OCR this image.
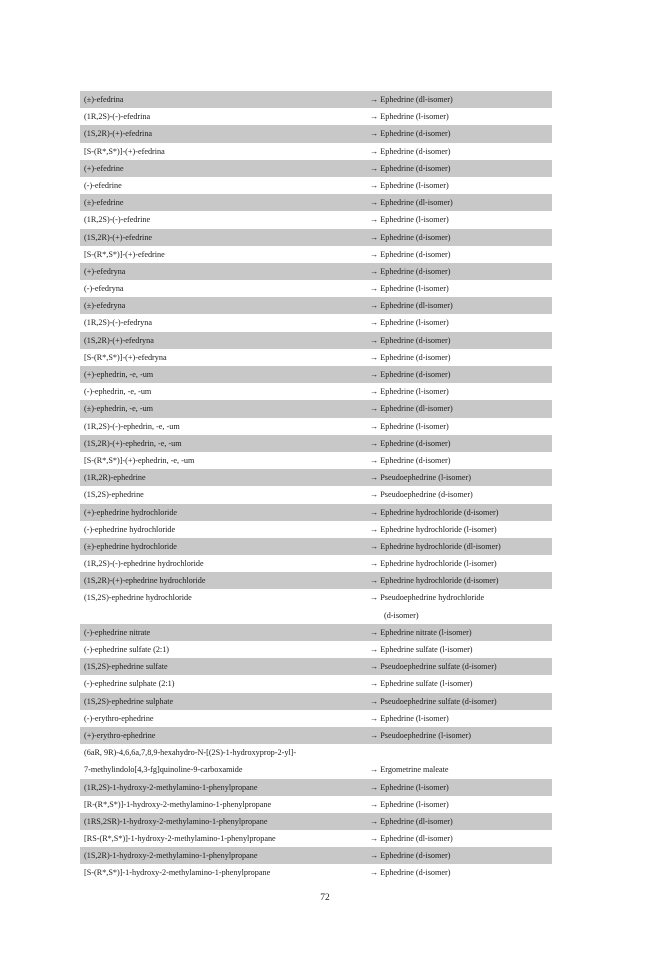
(±)-efedrina	→ Ephedrine (dl-isomer)
(1R,2S)-(-)-efedrina	→ Ephedrine (l-isomer)
(1S,2R)-(+)-efedrina	→ Ephedrine (d-isomer)
[S-(R*,S*)]-(+)-efedrina	→ Ephedrine (d-isomer)
(+)-efedrine	→ Ephedrine (d-isomer)
(-)-efedrine	→ Ephedrine (l-isomer)
(±)-efedrine	→ Ephedrine (dl-isomer)
(1R,2S)-(-)-efedrine	→ Ephedrine (l-isomer)
(1S,2R)-(+)-efedrine	→ Ephedrine (d-isomer)
[S-(R*,S*)]-(+)-efedrine	→ Ephedrine (d-isomer)
(+)-efedryna	→ Ephedrine (d-isomer)
(-)-efedryna	→ Ephedrine (l-isomer)
(±)-efedryna	→ Ephedrine (dl-isomer)
(1R,2S)-(-)-efedryna	→ Ephedrine (l-isomer)
(1S,2R)-(+)-efedryna	→ Ephedrine (d-isomer)
[S-(R*,S*)]-(+)-efedryna	→ Ephedrine (d-isomer)
(+)-ephedrin, -e, -um	→ Ephedrine (d-isomer)
(-)-ephedrin, -e, -um	→ Ephedrine (l-isomer)
(±)-ephedrin, -e, -um	→ Ephedrine (dl-isomer)
(1R,2S)-(-)-ephedrin, -e, -um	→ Ephedrine (l-isomer)
(1S,2R)-(+)-ephedrin, -e, -um	→ Ephedrine (d-isomer)
[S-(R*,S*)]-(+)-ephedrin, -e, -um	→ Ephedrine (d-isomer)
(1R,2R)-ephedrine	→ Pseudoephedrine (l-isomer)
(1S,2S)-ephedrine	→ Pseudoephedrine (d-isomer)
(+)-ephedrine hydrochloride	→ Ephedrine hydrochloride (d-isomer)
(-)-ephedrine hydrochloride	→ Ephedrine hydrochloride (l-isomer)
(±)-ephedrine hydrochloride	→ Ephedrine hydrochloride (dl-isomer)
(1R,2S)-(-)-ephedrine hydrochloride	→ Ephedrine hydrochloride (l-isomer)
(1S,2R)-(+)-ephedrine hydrochloride	→ Ephedrine hydrochloride (d-isomer)
(1S,2S)-ephedrine hydrochloride	→ Pseudoephedrine hydrochloride
(d-isomer)
(-)-ephedrine nitrate	→ Ephedrine nitrate (l-isomer)
(-)-ephedrine sulfate (2:1)	→ Ephedrine sulfate (l-isomer)
(1S,2S)-ephedrine sulfate	→ Pseudoephedrine sulfate (d-isomer)
(-)-ephedrine sulphate (2:1)	→ Ephedrine sulfate (l-isomer)
(1S,2S)-ephedrine sulphate	→ Pseudoephedrine sulfate (d-isomer)
(-)-erythro-ephedrine	→ Ephedrine (l-isomer)
(+)-erythro-ephedrine	→ Pseudoephedrine (l-isomer)
(6aR, 9R)-4,6,6a,7,8,9-hexahydro-N-[(2S)-1-hydroxyprop-2-yl]-
7-methylindolo[4,3-fg]quinoline-9-carboxamide	→ Ergometrine maleate
(1R,2S)-1-hydroxy-2-methylamino-1-phenylpropane	→ Ephedrine (l-isomer)
[R-(R*,S*)]-1-hydroxy-2-methylamino-1-phenylpropane	→ Ephedrine (l-isomer)
(1RS,2SR)-1-hydroxy-2-methylamino-1-phenylpropane	→ Ephedrine (dl-isomer)
[RS-(R*,S*)]-1-hydroxy-2-methylamino-1-phenylpropane	→ Ephedrine (dl-isomer)
(1S,2R)-1-hydroxy-2-methylamino-1-phenylpropane	→ Ephedrine (d-isomer)
[S-(R*,S*)]-1-hydroxy-2-methylamino-1-phenylpropane	→ Ephedrine (d-isomer)
72
